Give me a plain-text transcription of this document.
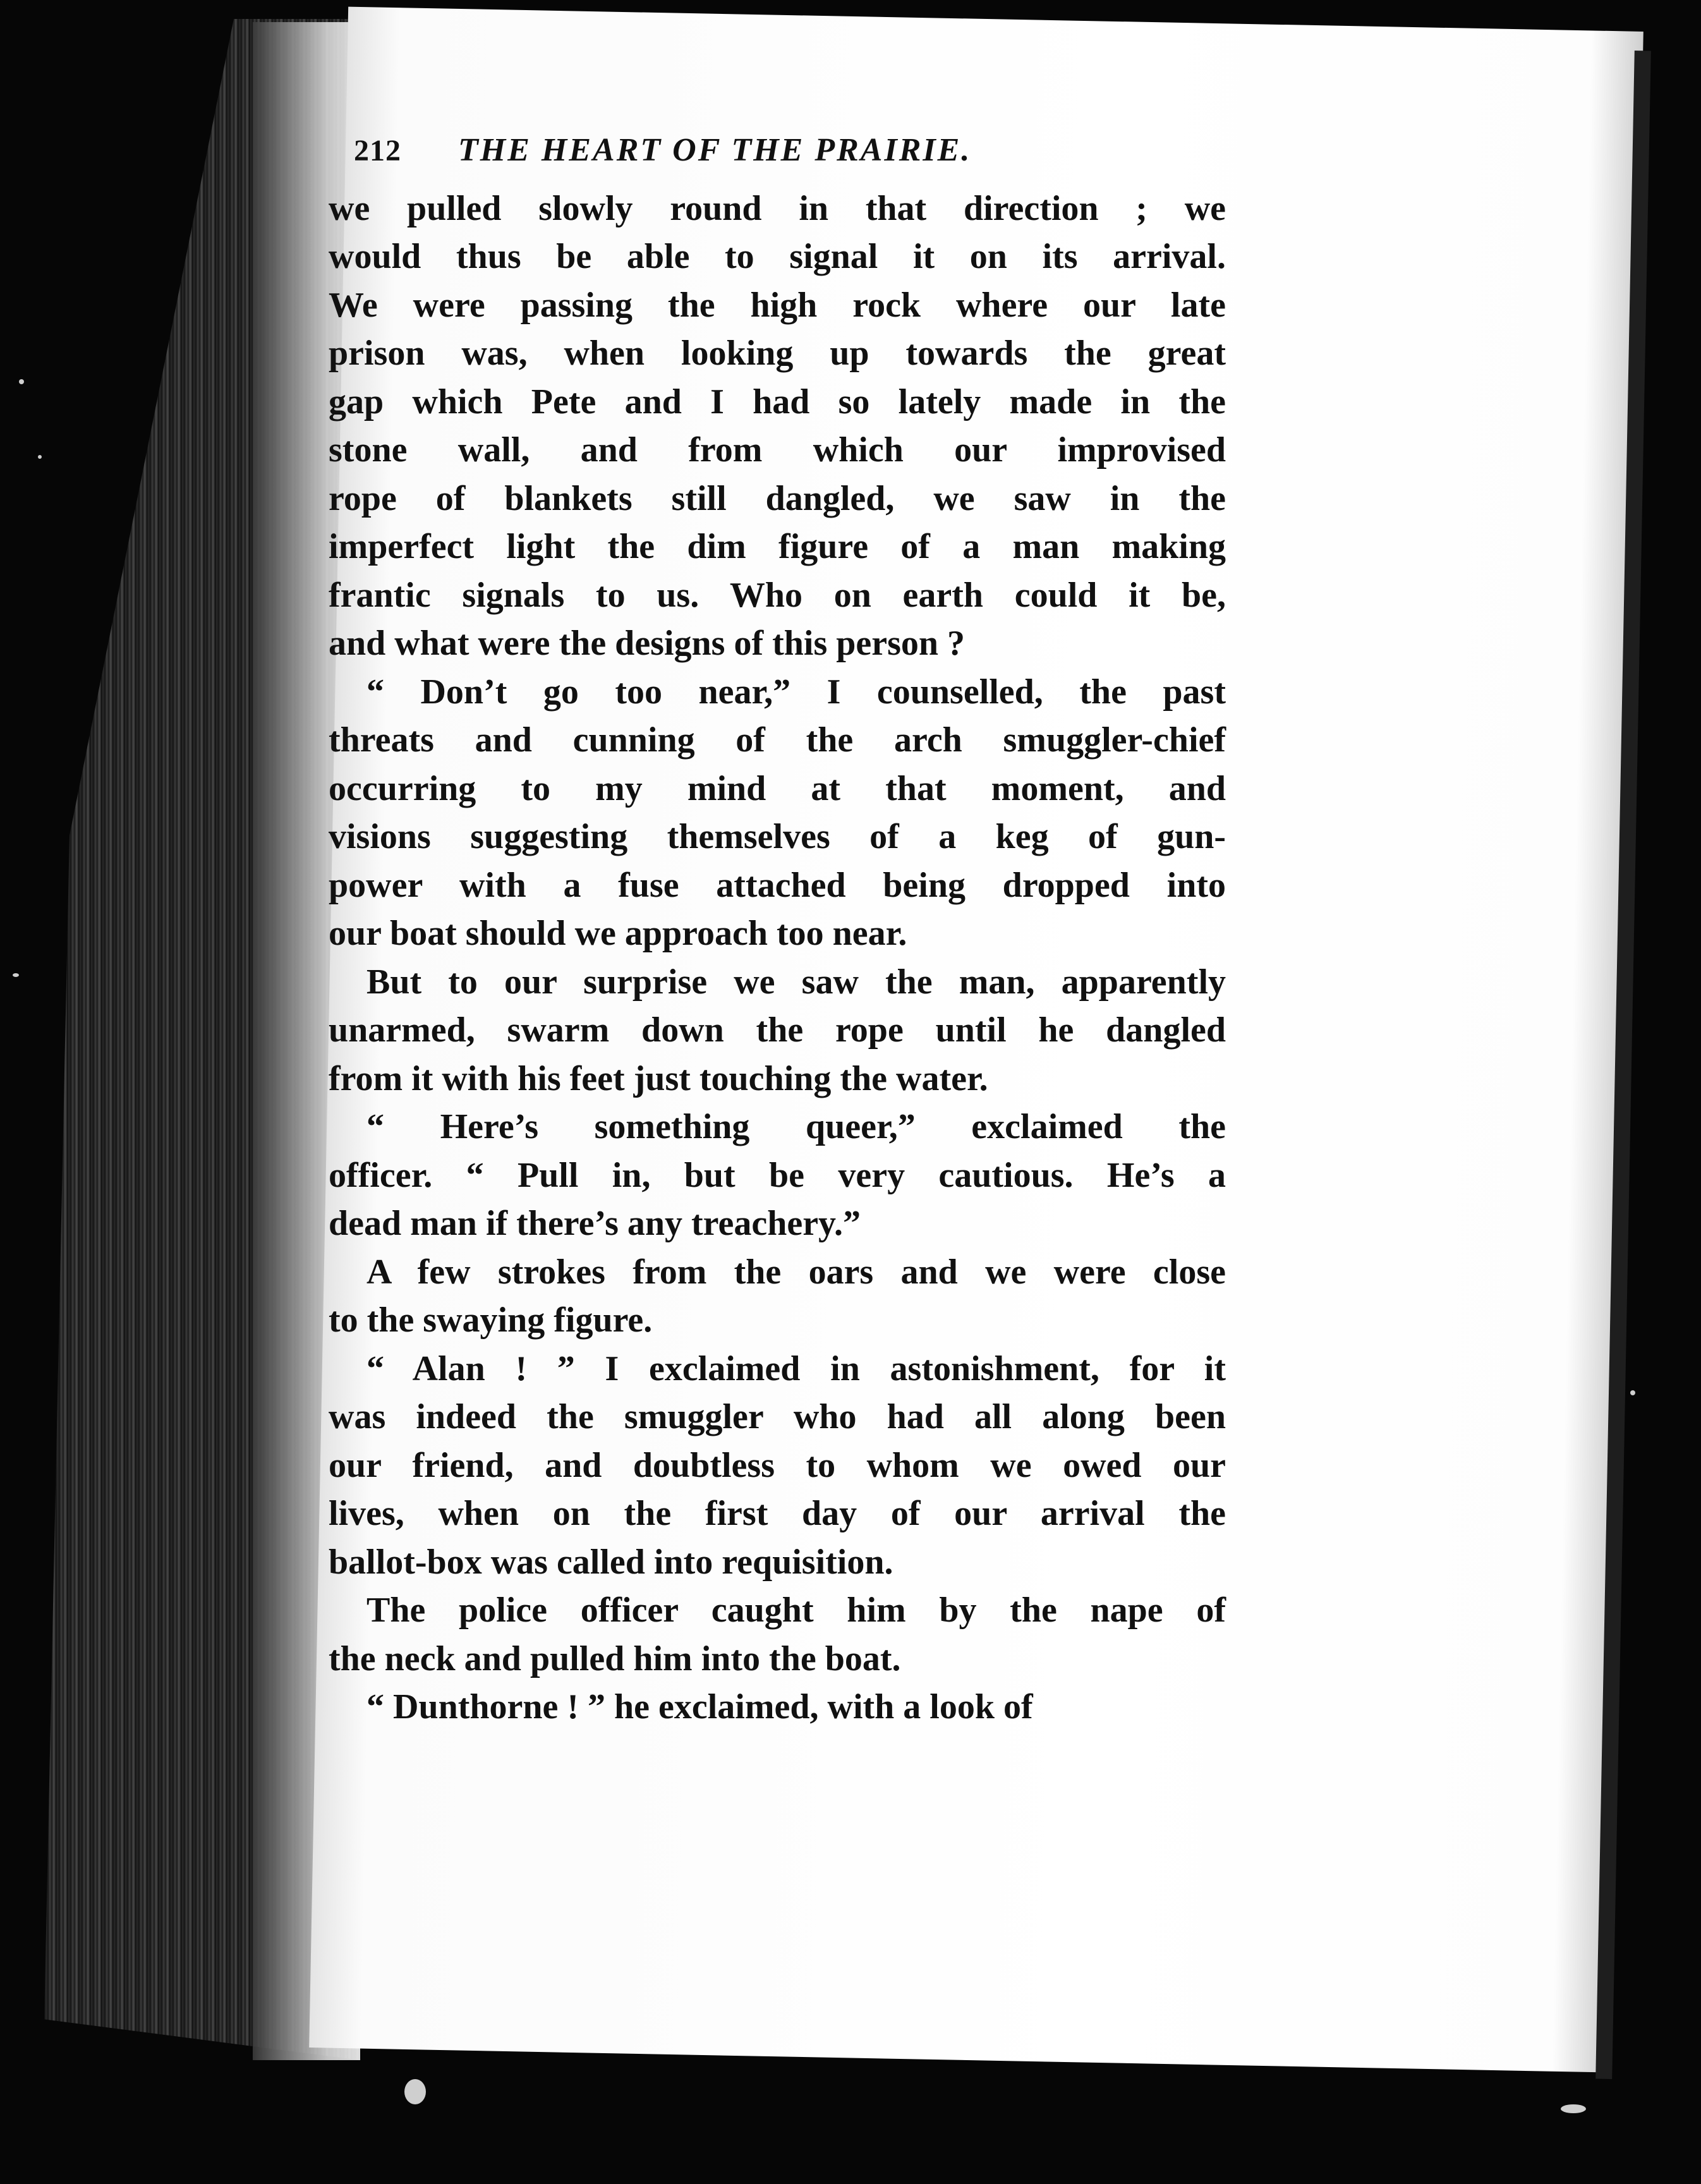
212 THE HEART OF THE PRAIRIE.
we pulled slowly round in that direction ; we
would thus be able to signal it on its arrival.
We were passing the high rock where our late
prison was, when looking up towards the great
gap which Pete and I had so lately made in the
stone wall, and from which our improvised
rope of blankets still dangled, we saw in the
imperfect light the dim figure of a man making
frantic signals to us. Who on earth could it be,
and what were the designs of this person ?
“ Don’t go too near,” I counselled, the past
threats and cunning of the arch smuggler-chief
occurring to my mind at that moment, and
visions suggesting themselves of a keg of gun-
power with a fuse attached being dropped into
our boat should we approach too near.
But to our surprise we saw the man, apparently
unarmed, swarm down the rope until he dangled
from it with his feet just touching the water.
“ Here’s something queer,” exclaimed the
officer. “ Pull in, but be very cautious. He’s a
dead man if there’s any treachery.”
A few strokes from the oars and we were close
to the swaying figure.
“ Alan ! ” I exclaimed in astonishment, for it
was indeed the smuggler who had all along been
our friend, and doubtless to whom we owed our
lives, when on the first day of our arrival the
ballot-box was called into requisition.
The police officer caught him by the nape of
the neck and pulled him into the boat.
“ Dunthorne ! ” he exclaimed, with a look of
